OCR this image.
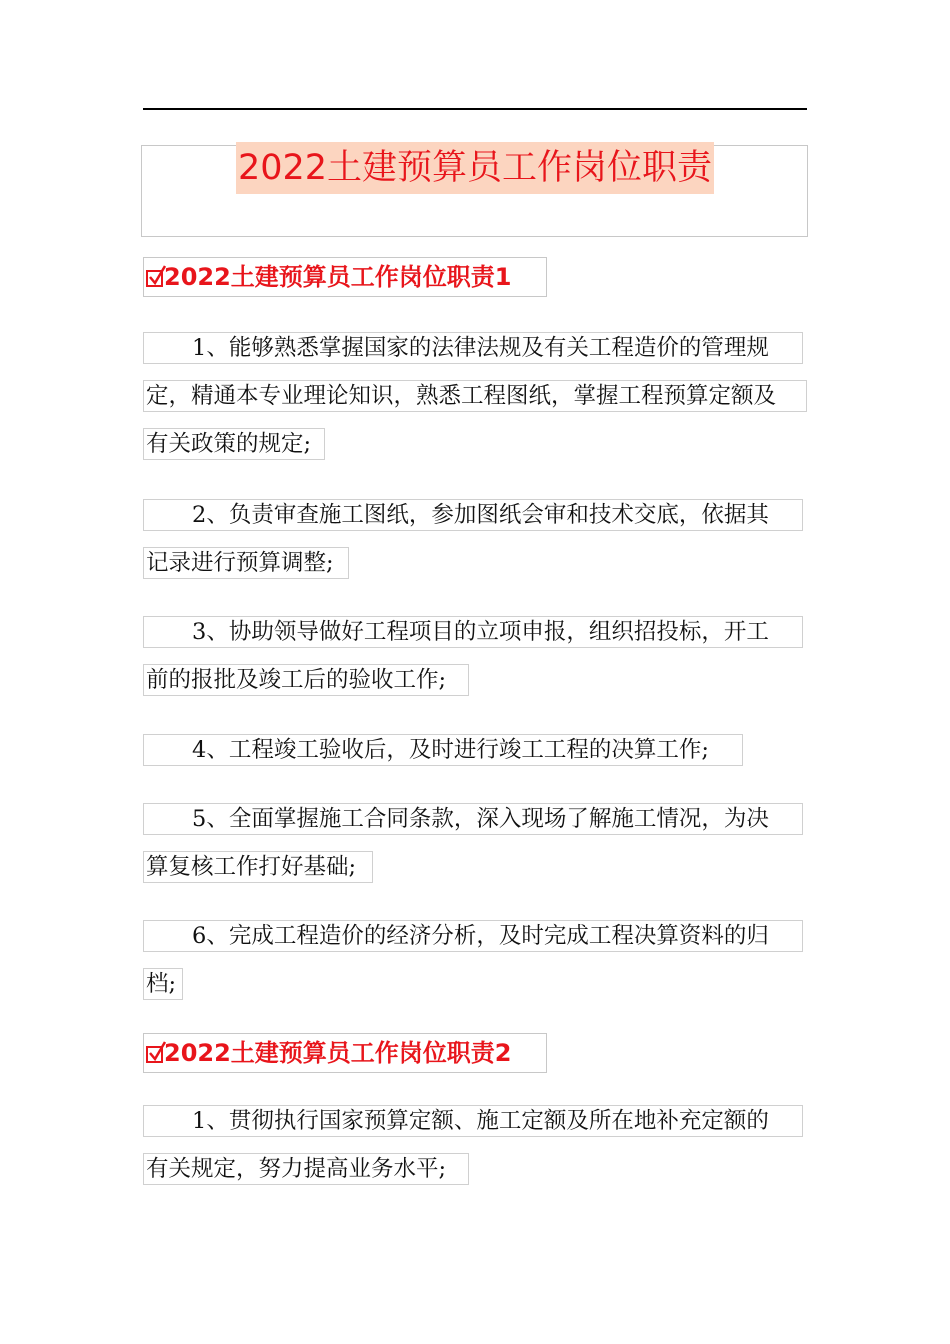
2022土建预算员工作岗位职责
2022土建预算员工作岗位职责1
1、能够熟悉掌握国家的法律法规及有关工程造价的管理规
定，精通本专业理论知识，熟悉工程图纸，掌握工程预算定额及
有关政策的规定;
2、负责审查施工图纸，参加图纸会审和技术交底，依据其
记录进行预算调整;
3、协助领导做好工程项目的立项申报，组织招投标，开工
前的报批及竣工后的验收工作;
4、工程竣工验收后，及时进行竣工工程的决算工作;
5、全面掌握施工合同条款，深入现场了解施工情况，为决
算复核工作打好基础;
6、完成工程造价的经济分析，及时完成工程决算资料的归
档;
2022土建预算员工作岗位职责2
1、贯彻执行国家预算定额、施工定额及所在地补充定额的
有关规定，努力提高业务水平;
